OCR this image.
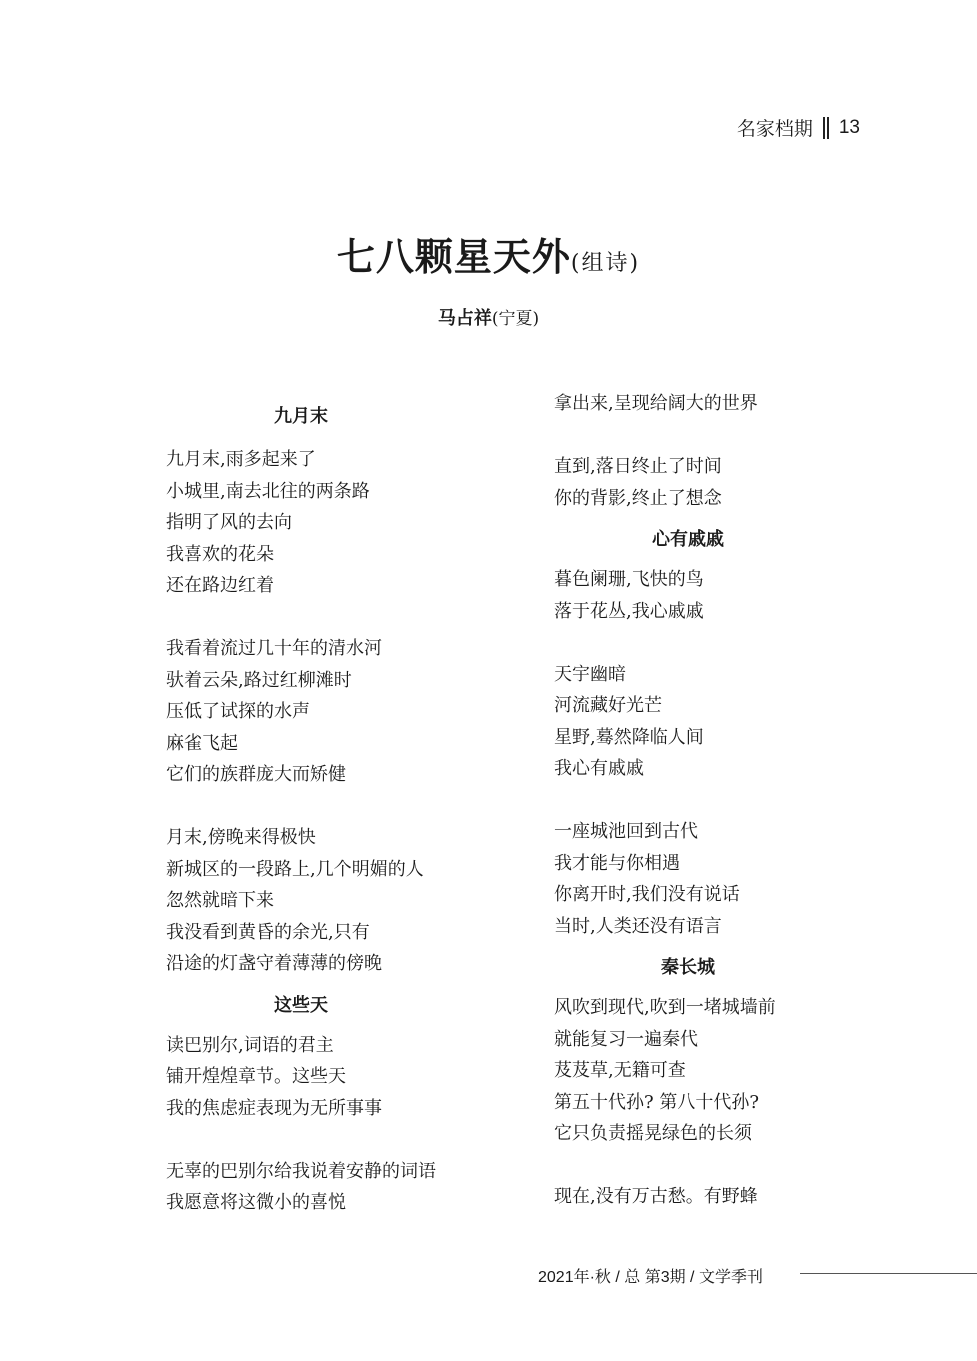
名家档期 13
七八颗星天外(组诗)
马占祥(宁夏)
九月末
九月末,雨多起来了
小城里,南去北往的两条路
指明了风的去向
我喜欢的花朵
还在路边红着
我看着流过几十年的清水河
驮着云朵,路过红柳滩时
压低了试探的水声
麻雀飞起
它们的族群庞大而矫健
月末,傍晚来得极快
新城区的一段路上,几个明媚的人
忽然就暗下来
我没看到黄昏的余光,只有
沿途的灯盏守着薄薄的傍晚
这些天
读巴别尔,词语的君主
铺开煌煌章节。这些天
我的焦虑症表现为无所事事
无辜的巴别尔给我说着安静的词语
我愿意将这微小的喜悦
拿出来,呈现给阔大的世界
直到,落日终止了时间
你的背影,终止了想念
心有戚戚
暮色阑珊,飞快的鸟
落于花丛,我心戚戚
天宇幽暗
河流藏好光芒
星野,蓦然降临人间
我心有戚戚
一座城池回到古代
我才能与你相遇
你离开时,我们没有说话
当时,人类还没有语言
秦长城
风吹到现代,吹到一堵城墙前
就能复习一遍秦代
芨芨草,无籍可查
第五十代孙? 第八十代孙?
它只负责摇晃绿色的长须
现在,没有万古愁。有野蜂
2021年·秋 / 总 第3期 / 文学季刊
